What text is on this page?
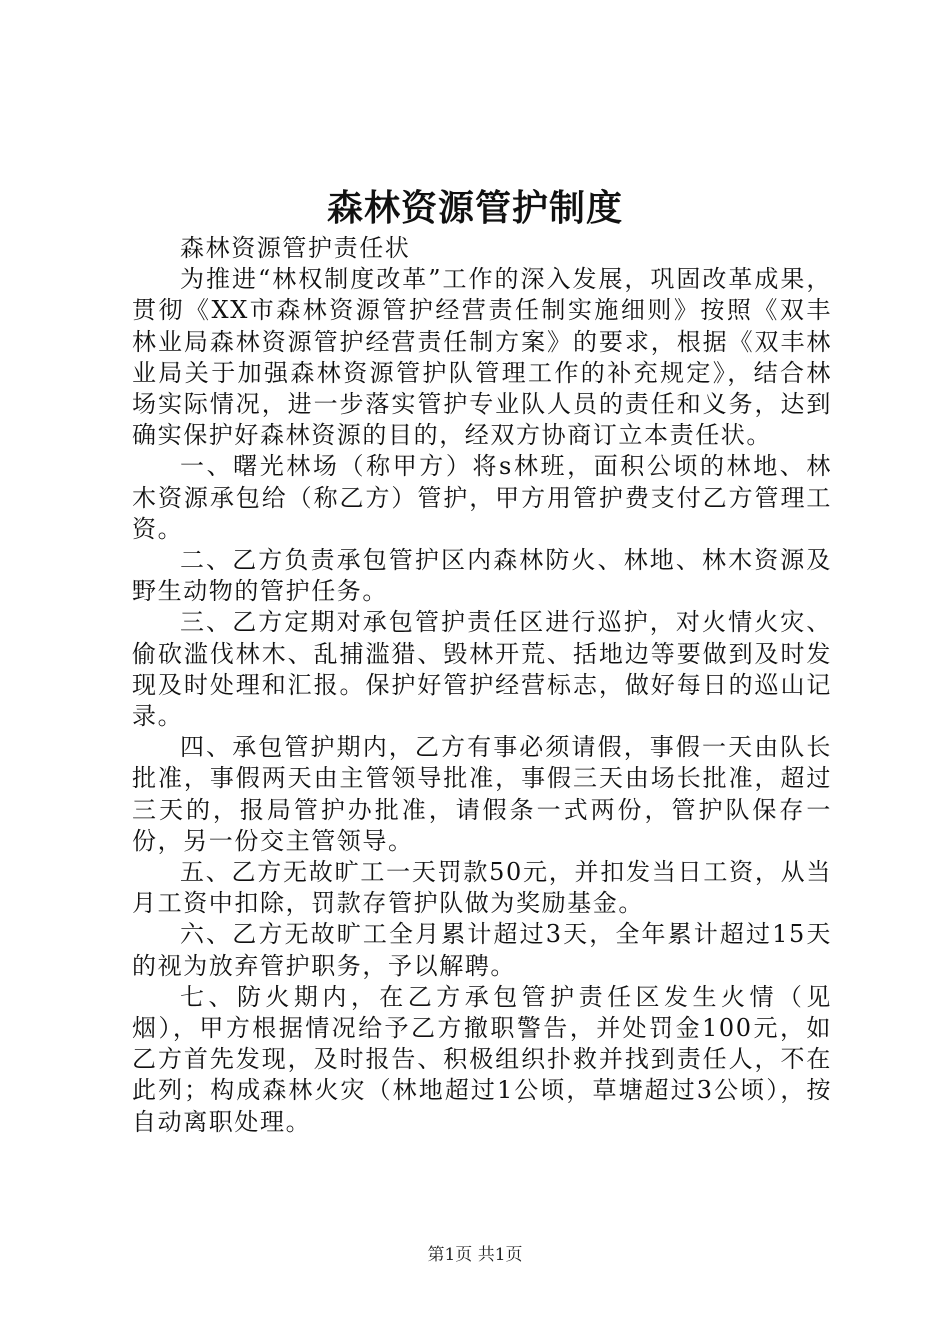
森林资源管护制度

森林资源管护责任状

为推进“林权制度改革”工作的深入发展，巩固改革成果，贯彻《XX市森林资源管护经营责任制实施细则》按照《双丰林业局森林资源管护经营责任制方案》的要求，根据《双丰林业局关于加强森林资源管护队管理工作的补充规定》，结合林场实际情况，进一步落实管护专业队人员的责任和义务，达到确实保护好森林资源的目的，经双方协商订立本责任状。

一、曙光林场（称甲方）将s林班，面积公顷的林地、林木资源承包给（称乙方）管护，甲方用管护费支付乙方管理工资。

二、乙方负责承包管护区内森林防火、林地、林木资源及野生动物的管护任务。

三、乙方定期对承包管护责任区进行巡护，对火情火灾、偷砍滥伐林木、乱捕滥猎、毁林开荒、括地边等要做到及时发现及时处理和汇报。保护好管护经营标志，做好每日的巡山记录。

四、承包管护期内，乙方有事必须请假，事假一天由队长批准，事假两天由主管领导批准，事假三天由场长批准，超过三天的，报局管护办批准，请假条一式两份，管护队保存一份，另一份交主管领导。

五、乙方无故旷工一天罚款50元，并扣发当日工资，从当月工资中扣除，罚款存管护队做为奖励基金。

六、乙方无故旷工全月累计超过3天，全年累计超过15天的视为放弃管护职务，予以解聘。

七、防火期内，在乙方承包管护责任区发生火情（见烟），甲方根据情况给予乙方撤职警告，并处罚金100元，如乙方首先发现，及时报告、积极组织扑救并找到责任人，不在此列；构成森林火灾（林地超过1公顷，草塘超过3公顷），按自动离职处理。

第1页 共1页
